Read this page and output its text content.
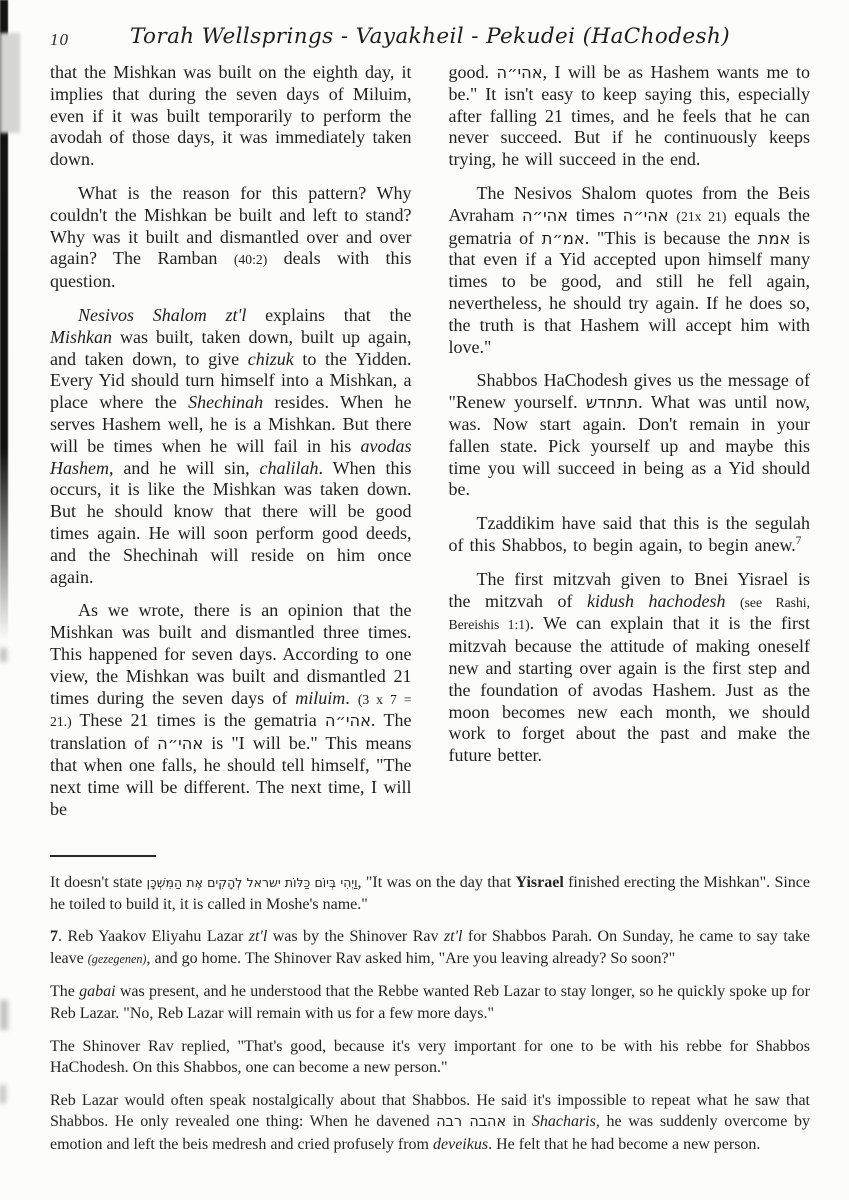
10	Torah Wellsprings - Vayakheil - Pekudei (HaChodesh)

that the Mishkan was built on the eighth day, it implies that during the seven days of Miluim, even if it was built temporarily to perform the avodah of those days, it was immediately taken down.

What is the reason for this pattern? Why couldn't the Mishkan be built and left to stand? Why was it built and dismantled over and over again? The Ramban (40:2) deals with this question.

Nesivos Shalom zt'l explains that the Mishkan was built, taken down, built up again, and taken down, to give chizuk to the Yidden. Every Yid should turn himself into a Mishkan, a place where the Shechinah resides. When he serves Hashem well, he is a Mishkan. But there will be times when he will fail in his avodas Hashem, and he will sin, chalilah. When this occurs, it is like the Mishkan was taken down. But he should know that there will be good times again. He will soon perform good deeds, and the Shechinah will reside on him once again.

As we wrote, there is an opinion that the Mishkan was built and dismantled three times. This happened for seven days. According to one view, the Mishkan was built and dismantled 21 times during the seven days of miluim. (3 x 7 = 21.) These 21 times is the gematria אהי״ה. The translation of אהי״ה is "I will be." This means that when one falls, he should tell himself, "The next time will be different. The next time, I will be

good. אהי״ה, I will be as Hashem wants me to be." It isn't easy to keep saying this, especially after falling 21 times, and he feels that he can never succeed. But if he continuously keeps trying, he will succeed in the end.

The Nesivos Shalom quotes from the Beis Avraham אהי״ה times אהי״ה (21x 21) equals the gematria of אמ״ת. "This is because the אמת is that even if a Yid accepted upon himself many times to be good, and still he fell again, nevertheless, he should try again. If he does so, the truth is that Hashem will accept him with love."

Shabbos HaChodesh gives us the message of "Renew yourself. תתחדש. What was until now, was. Now start again. Don't remain in your fallen state. Pick yourself up and maybe this time you will succeed in being as a Yid should be.

Tzaddikim have said that this is the segulah of this Shabbos, to begin again, to begin anew.$^7$

The first mitzvah given to Bnei Yisrael is the mitzvah of kidush hachodesh (see Rashi, Bereishis 1:1). We can explain that it is the first mitzvah because the attitude of making oneself new and starting over again is the first step and the foundation of avodas Hashem. Just as the moon becomes new each month, we should work to forget about the past and make the future better.

It doesn't state וַיְהִי בְּיוֹם כַּלּוֹת ישראל לְהָקִים אֶת הַמִּשְׁכָּן, "It was on the day that Yisrael finished erecting the Mishkan". Since he toiled to build it, it is called in Moshe's name."

7. Reb Yaakov Eliyahu Lazar zt'l was by the Shinover Rav zt'l for Shabbos Parah. On Sunday, he came to say take leave (gezegenen), and go home. The Shinover Rav asked him, "Are you leaving already? So soon?"

The gabai was present, and he understood that the Rebbe wanted Reb Lazar to stay longer, so he quickly spoke up for Reb Lazar. "No, Reb Lazar will remain with us for a few more days."

The Shinover Rav replied, "That's good, because it's very important for one to be with his rebbe for Shabbos HaChodesh. On this Shabbos, one can become a new person."

Reb Lazar would often speak nostalgically about that Shabbos. He said it's impossible to repeat what he saw that Shabbos. He only revealed one thing: When he davened אהבה רבה in Shacharis, he was suddenly overcome by emotion and left the beis medresh and cried profusely from deveikus. He felt that he had become a new person.
